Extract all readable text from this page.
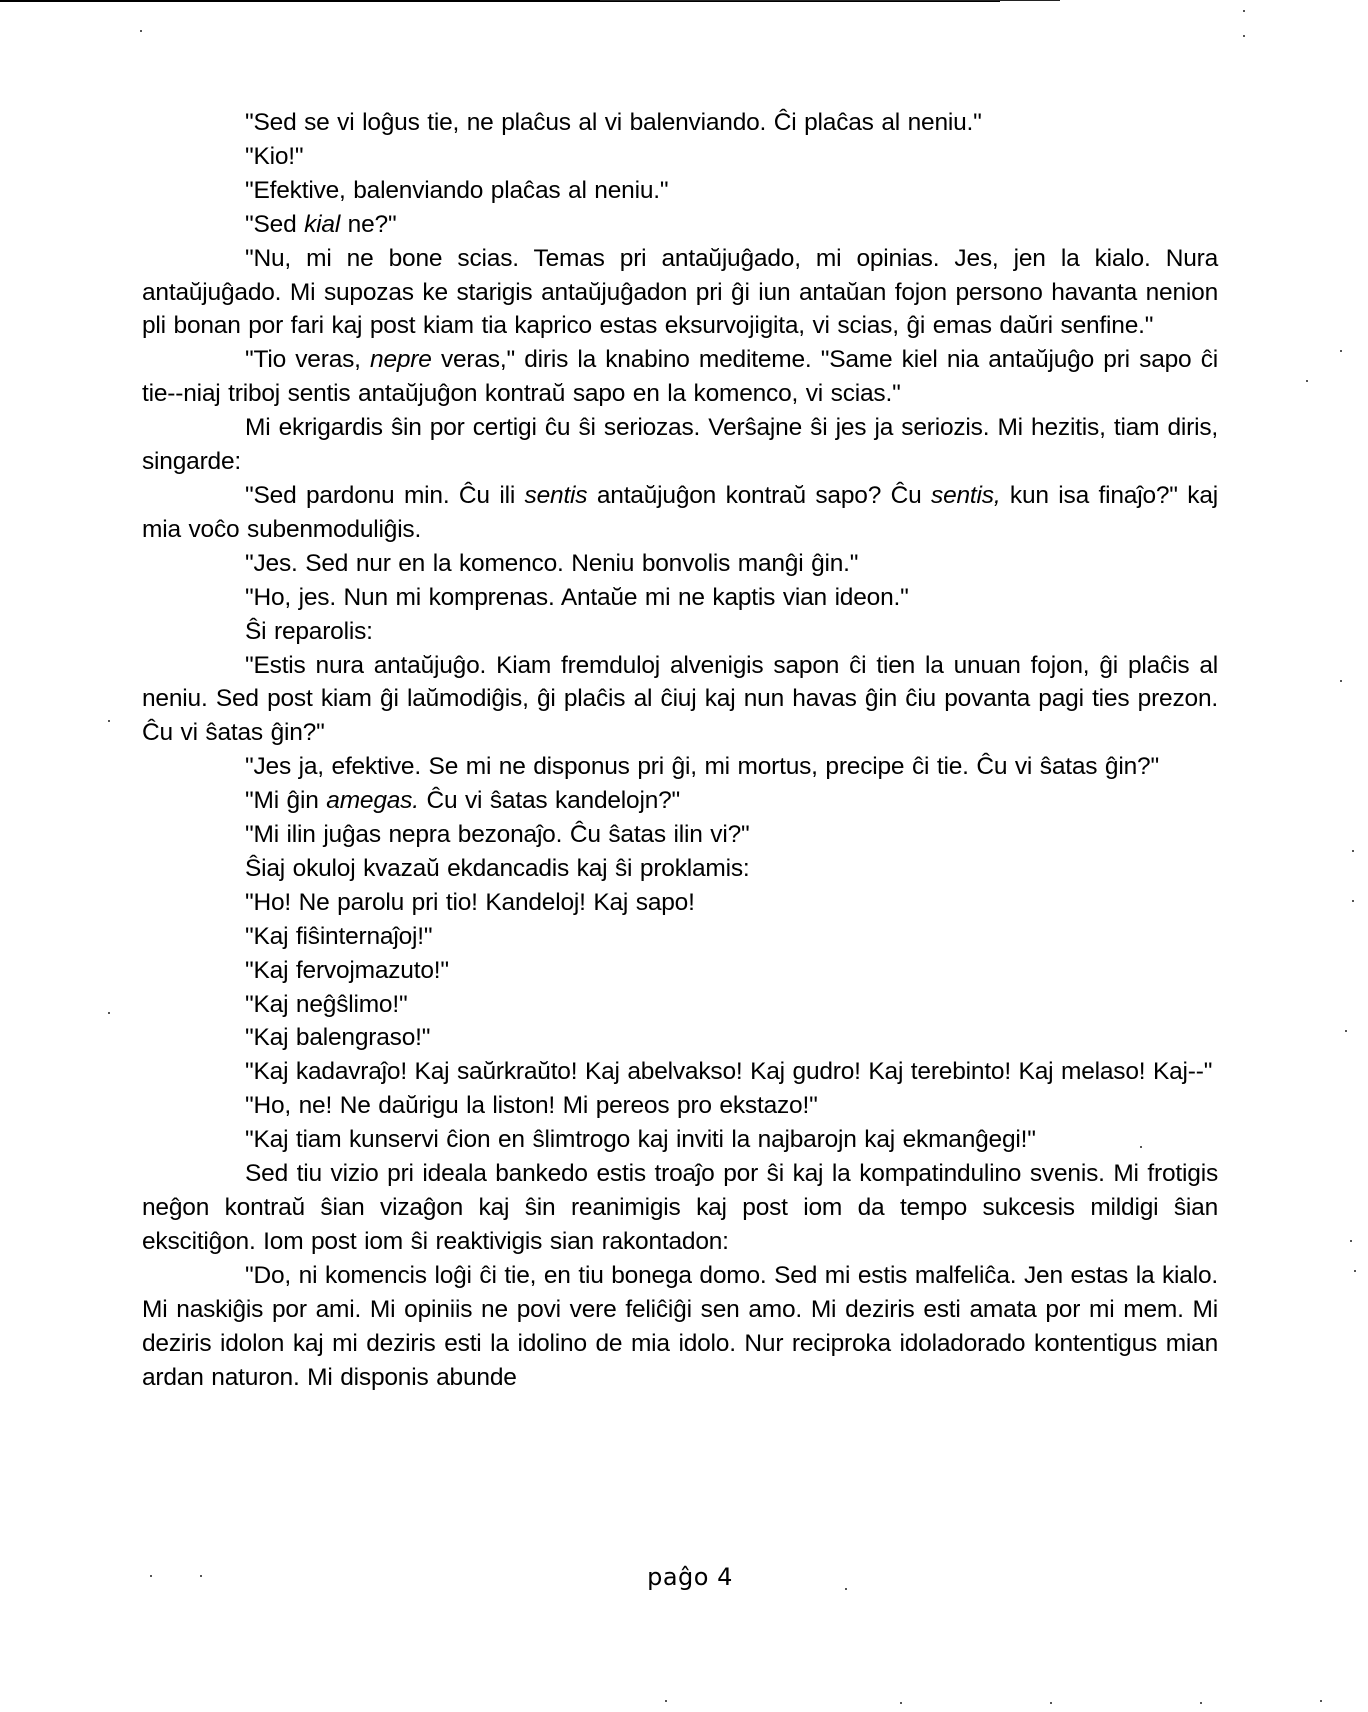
"Sed se vi loĝus tie, ne plaĉus al vi balenviando. Ĉi plaĉas al neniu."

"Kio!"

"Efektive, balenviando plaĉas al neniu."

"Sed kial ne?"

"Nu, mi ne bone scias. Temas pri antaŭjuĝado, mi opinias. Jes, jen la kialo. Nura antaŭjuĝado. Mi supozas ke starigis antaŭjuĝadon pri ĝi iun antaŭan fojon persono havanta nenion pli bonan por fari kaj post kiam tia kaprico estas eksurvojigita, vi scias, ĝi emas daŭri senfine."

"Tio veras, nepre veras," diris la knabino mediteme. "Same kiel nia antaŭjuĝo pri sapo ĉi tie--niaj triboj sentis antaŭjuĝon kontraŭ sapo en la komenco, vi scias."

Mi ekrigardis ŝin por certigi ĉu ŝi seriozas. Verŝajne ŝi jes ja seriozis. Mi hezitis, tiam diris, singarde:

"Sed pardonu min. Ĉu ili sentis antaŭjuĝon kontraŭ sapo? Ĉu sentis, kun isa finaĵo?" kaj mia voĉo subenmoduliĝis.

"Jes. Sed nur en la komenco. Neniu bonvolis manĝi ĝin."

"Ho, jes. Nun mi komprenas. Antaŭe mi ne kaptis vian ideon."

Ŝi reparolis:

"Estis nura antaŭjuĝo. Kiam fremduloj alvenigis sapon ĉi tien la unuan fojon, ĝi plaĉis al neniu. Sed post kiam ĝi laŭmodiĝis, ĝi plaĉis al ĉiuj kaj nun havas ĝin ĉiu povanta pagi ties prezon. Ĉu vi ŝatas ĝin?"

"Jes ja, efektive. Se mi ne disponus pri ĝi, mi mortus, precipe ĉi tie. Ĉu vi ŝatas ĝin?"

"Mi ĝin amegas. Ĉu vi ŝatas kandelojn?"

"Mi ilin juĝas nepra bezonaĵo. Ĉu ŝatas ilin vi?"

Ŝiaj okuloj kvazaŭ ekdancadis kaj ŝi proklamis:

"Ho! Ne parolu pri tio! Kandeloj! Kaj sapo!

"Kaj fiŝinternaĵoj!"

"Kaj fervojmazuto!"

"Kaj neĝŝlimo!"

"Kaj balengraso!"

"Kaj kadavraĵo! Kaj saŭrkraŭto! Kaj abelvakso! Kaj gudro! Kaj terebinto! Kaj melaso! Kaj--"

"Ho, ne! Ne daŭrigu la liston! Mi pereos pro ekstazo!"

"Kaj tiam kunservi ĉion en ŝlimtrogo kaj inviti la najbarojn kaj ekmanĝegi!"

Sed tiu vizio pri ideala bankedo estis troaĵo por ŝi kaj la kompatindulino svenis. Mi frotigis neĝon kontraŭ ŝian vizaĝon kaj ŝin reanimigis kaj post iom da tempo sukcesis mildigi ŝian ekscitiĝon. Iom post iom ŝi reaktivigis sian rakontadon:

"Do, ni komencis loĝi ĉi tie, en tiu bonega domo. Sed mi estis malfeliĉa. Jen estas la kialo. Mi naskiĝis por ami. Mi opiniis ne povi vere feliĉiĝi sen amo. Mi deziris esti amata por mi mem. Mi deziris idolon kaj mi deziris esti la idolino de mia idolo. Nur reciproka idoladorado kontentigus mian ardan naturon. Mi disponis abunde

paĝo 4
